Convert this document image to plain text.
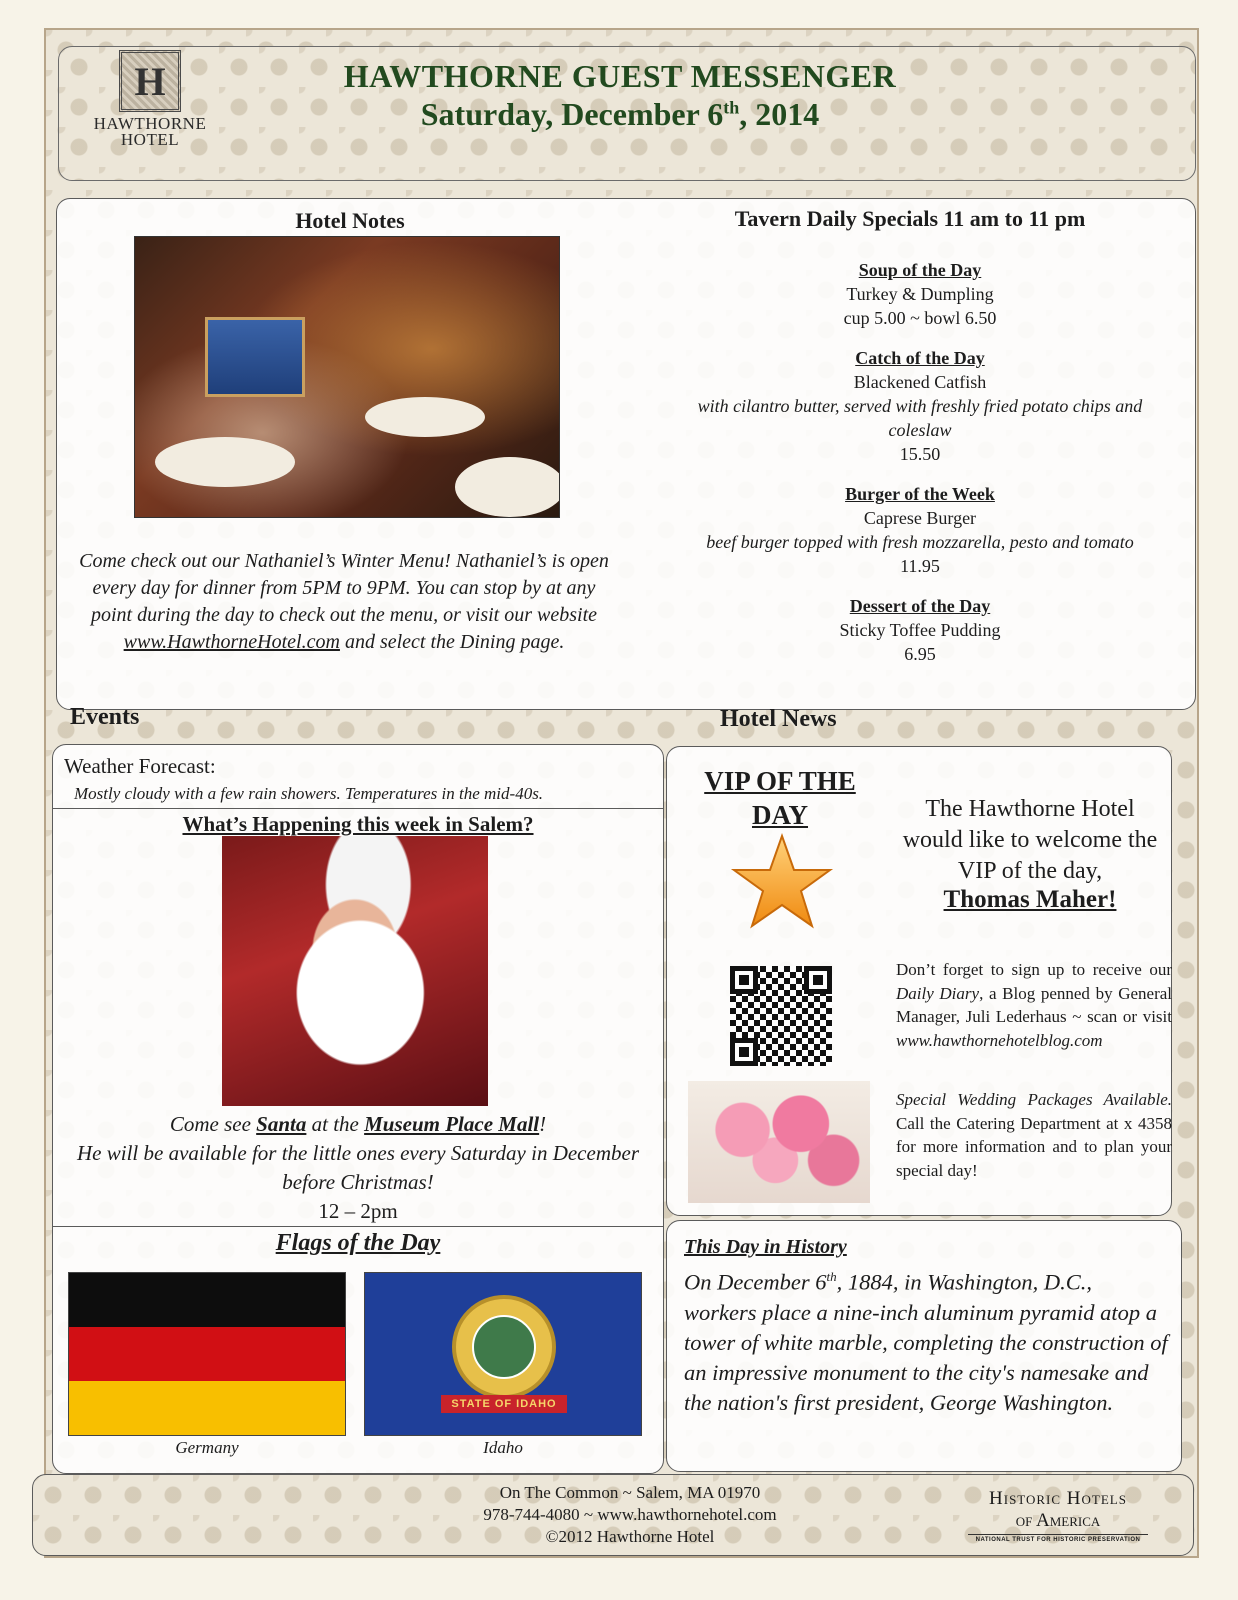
H
HAWTHORNE
HOTEL
HAWTHORNE GUEST MESSENGER
Saturday, December 6th, 2014
Hotel Notes
Come check out our Nathaniel’s Winter Menu! Nathaniel’s is open every day for dinner from 5PM to 9PM. You can stop by at any point during the day to check out the menu, or visit our website www.HawthorneHotel.com and select the Dining page.
Tavern Daily Specials 11 am to 11 pm
Soup of the Day
Turkey & Dumpling
cup 5.00 ~ bowl 6.50
Catch of the Day
Blackened Catfish
with cilantro butter, served with freshly fried potato chips and coleslaw
15.50
Burger of the Week
Caprese Burger
beef burger topped with fresh mozzarella, pesto and tomato
11.95
Dessert of the Day
Sticky Toffee Pudding
6.95
Events	Hotel News
Weather Forecast:
Mostly cloudy with a few rain showers. Temperatures in the mid-40s.
What’s Happening this week in Salem?
Come see Santa at the Museum Place Mall!
He will be available for the little ones every Saturday in December before Christmas!
12 – 2pm
Flags of the Day
STATE OF IDAHO
Germany	Idaho
VIP OF THE
DAY	The Hawthorne Hotel would like to welcome the VIP of the day,
Thomas Maher!
Don’t forget to sign up to receive our Daily Diary, a Blog penned by General Manager, Juli Lederhaus ~ scan or visit www.hawthornehotelblog.com
Special Wedding Packages Available. Call the Catering Department at x 4358 for more information and to plan your special day!
This Day in History
On December 6th, 1884, in Washington, D.C., workers place a nine-inch aluminum pyramid atop a tower of white marble, completing the construction of an impressive monument to the city's namesake and the nation's first president, George Washington.
On The Common ~ Salem, MA 01970
978-744-4080 ~ www.hawthornehotel.com
©2012 Hawthorne Hotel
Historic Hotels
of America
NATIONAL TRUST FOR HISTORIC PRESERVATION
